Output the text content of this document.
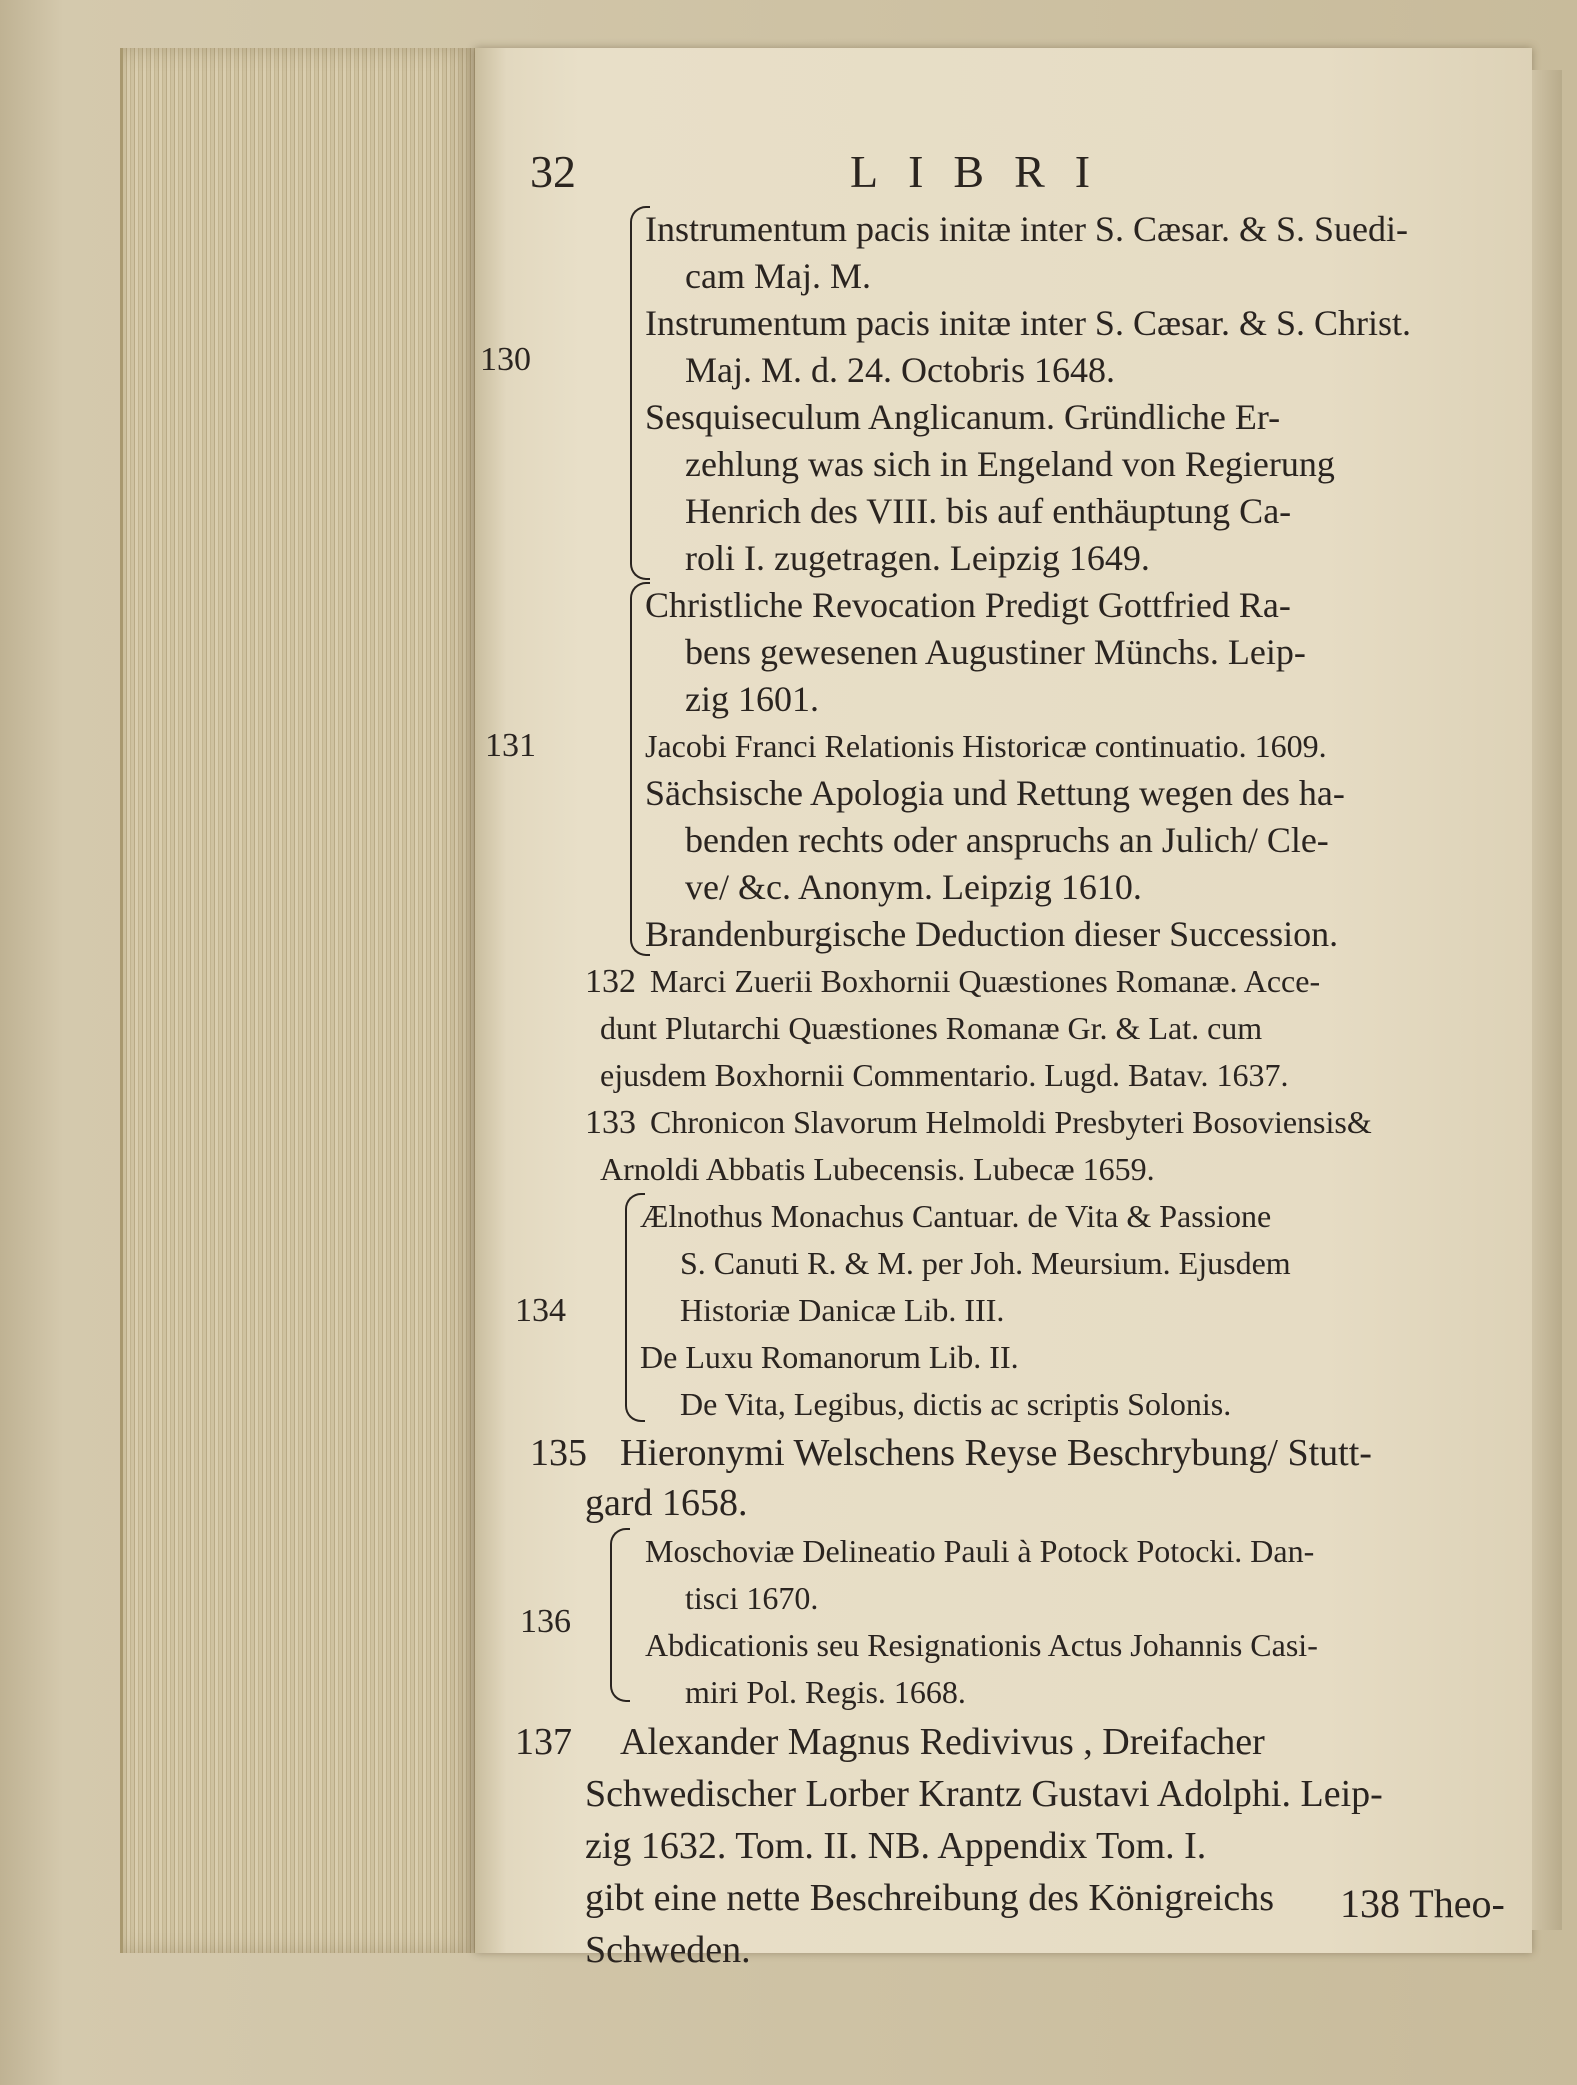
32	LIBRI
130
Instrumentum pacis initæ inter S. Cæsar. & S. Suedi-
cam Maj. M.
Instrumentum pacis initæ inter S. Cæsar. & S. Christ.
Maj. M. d. 24. Octobris 1648.
Sesquiseculum Anglicanum. Gründliche Er-
zehlung was sich in Engeland von Regierung
Henrich des VIII. bis auf enthäuptung Ca-
roli I. zugetragen. Leipzig 1649.
131
Christliche Revocation Predigt Gottfried Ra-
bens gewesenen Augustiner Münchs. Leip-
zig 1601.
Jacobi Franci Relationis Historicæ continuatio. 1609.
Sächsische Apologia und Rettung wegen des ha-
benden rechts oder anspruchs an Julich/ Cle-
ve/ &c. Anonym. Leipzig 1610.
Brandenburgische Deduction dieser Succession.
132 Marci Zuerii Boxhornii Quæstiones Romanæ. Acce-
dunt Plutarchi Quæstiones Romanæ Gr. & Lat. cum
ejusdem Boxhornii Commentario. Lugd. Batav. 1637.
133 Chronicon Slavorum Helmoldi Presbyteri Bosoviensis&
Arnoldi Abbatis Lubecensis. Lubecæ 1659.
134
Ælnothus Monachus Cantuar. de Vita & Passione
S. Canuti R. & M. per Joh. Meursium. Ejusdem
Historiæ Danicæ Lib. III.
De Luxu Romanorum Lib. II.
De Vita, Legibus, dictis ac scriptis Solonis.
135 Hieronymi Welschens Reyse Beschrybung/ Stutt-
gard 1658.
136
Moschoviæ Delineatio Pauli à Potock Potocki. Dan-
tisci 1670.
Abdicationis seu Resignationis Actus Johannis Casi-
miri Pol. Regis. 1668.
137	Alexander Magnus Redivivus , Dreifacher
Schwedischer Lorber Krantz Gustavi Adolphi. Leip-
zig 1632. Tom. II. NB. Appendix Tom. I.
gibt eine nette Beschreibung des Königreichs
Schweden.
138 Theo-
